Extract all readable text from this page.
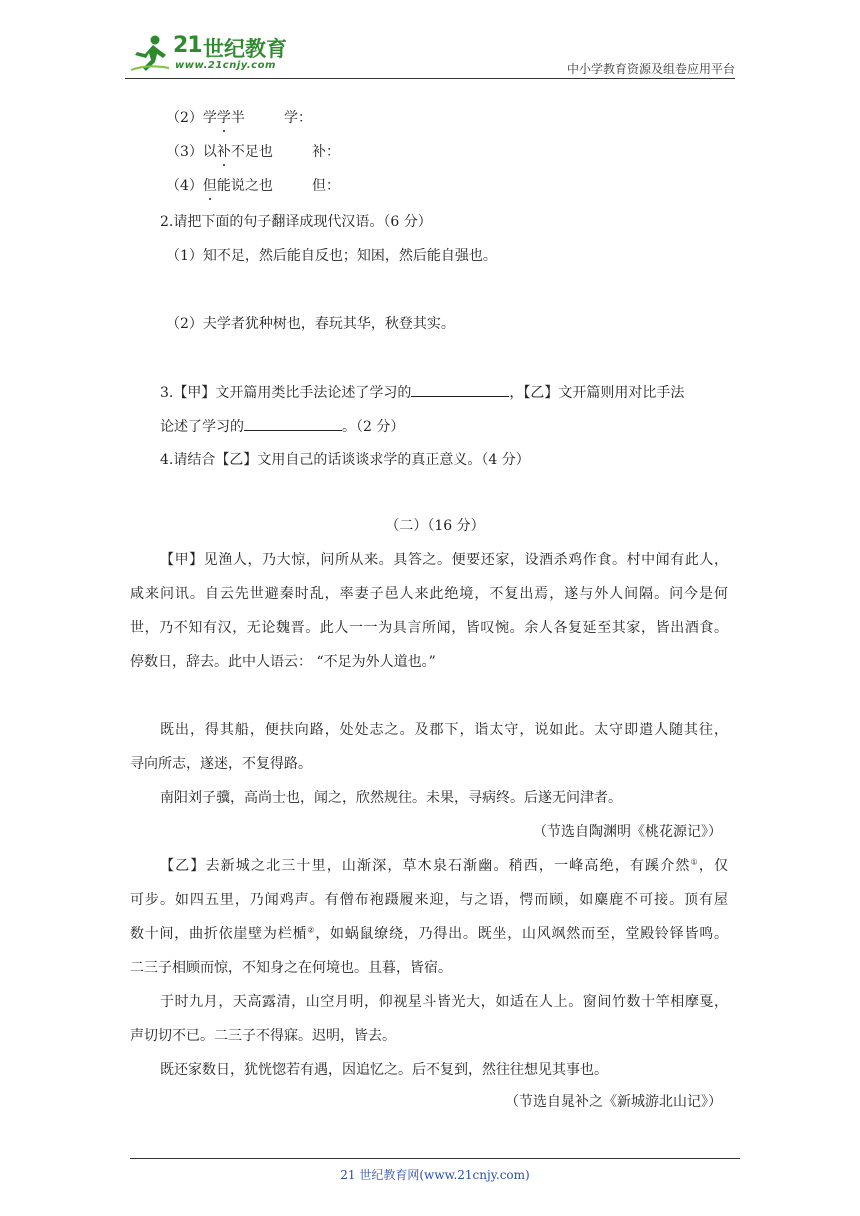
21 世纪教育
www.21cnjy.com	中小学教育资源及组卷应用平台
（2）学学半	学：
（3）以补不足也	补：
（4）但能说之也	但：
2.请把下面的句子翻译成现代汉语。（6 分）
（1）知不足，然后能自反也；知困，然后能自强也。
（2）夫学者犹种树也，春玩其华，秋登其实。
3.【甲】文开篇用类比手法论述了学习的	，【乙】文开篇则用对比手法
论述了学习的	。（2 分）
4.请结合【乙】文用自己的话谈谈求学的真正意义。（4 分）
（二）（16 分）
【甲】见渔人，乃大惊，问所从来。具答之。便要还家，设酒杀鸡作食。村中闻有此人，
咸来问讯。自云先世避秦时乱，率妻子邑人来此绝境，不复出焉，遂与外人间隔。问今是何
世，乃不知有汉，无论魏晋。此人一一为具言所闻，皆叹惋。余人各复延至其家，皆出酒食。
停数日，辞去。此中人语云： “不足为外人道也。”
既出，得其船，便扶向路，处处志之。及郡下，诣太守，说如此。太守即遣人随其往，
寻向所志，遂迷，不复得路。
南阳刘子骥，高尚士也，闻之，欣然规往。未果，寻病终。后遂无问津者。
（节选自陶渊明《桃花源记》）
【乙】去新城之北三十里，山渐深，草木泉石渐幽。稍西，一峰高绝，有蹊介然①，仅
可步。如四五里，乃闻鸡声。有僧布袍蹑履来迎，与之语，愕而顾，如麋鹿不可接。顶有屋
数十间，曲折依崖壁为栏楯②，如蜗鼠缭绕，乃得出。既坐，山风飒然而至，堂殿铃铎皆鸣。
二三子相顾而惊，不知身之在何境也。且暮，皆宿。
于时九月，天高露清，山空月明，仰视星斗皆光大，如适在人上。窗间竹数十竿相摩戛，
声切切不已。二三子不得寐。迟明，皆去。
既还家数日，犹恍惚若有遇，因追忆之。后不复到，然往往想见其事也。
（节选自晁补之《新城游北山记》）
21 世纪教育网(www.21cnjy.com)
